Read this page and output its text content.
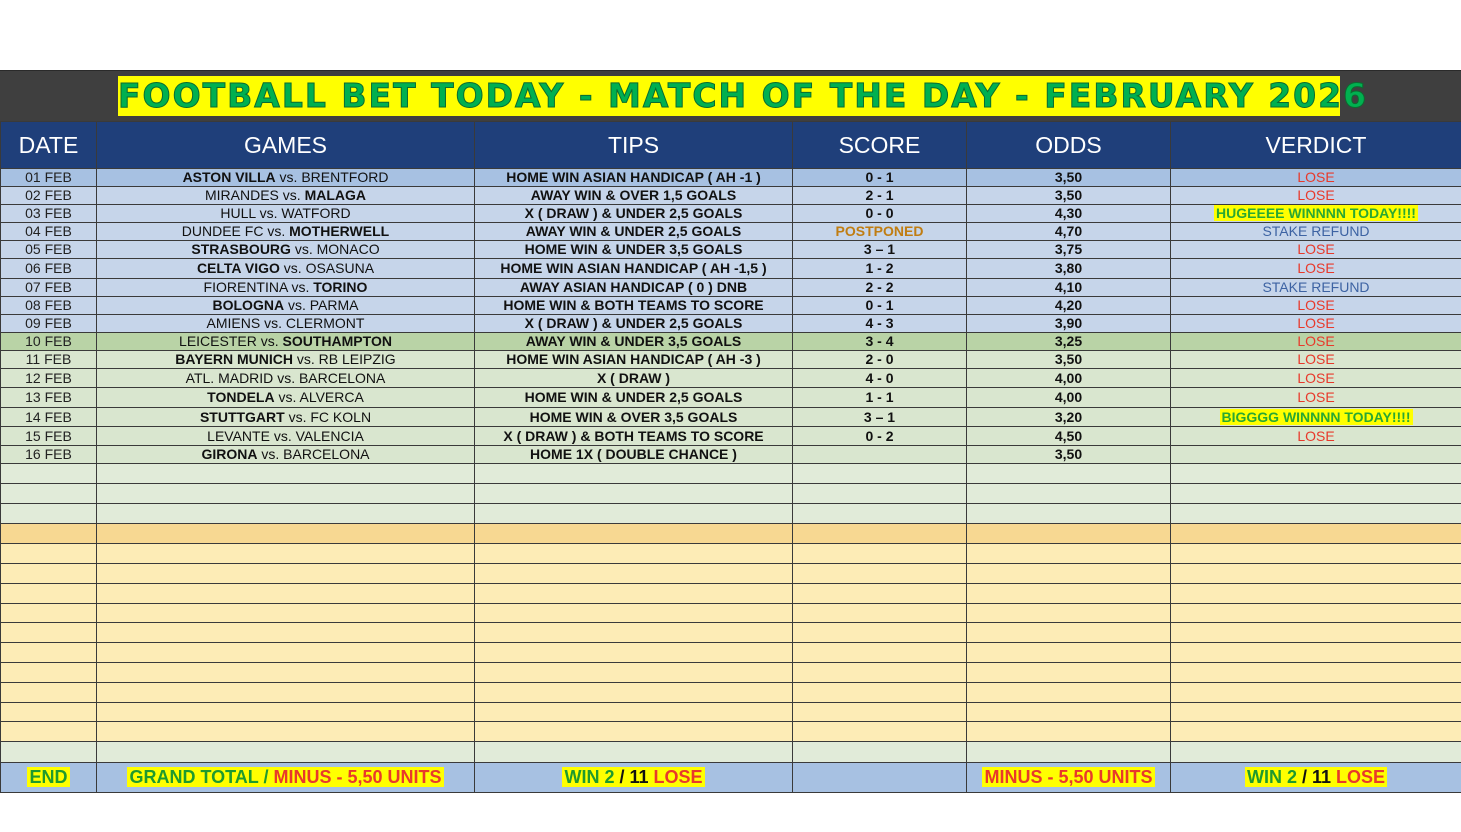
FOOTBALL BET TODAY - MATCH OF THE DAY - FEBRUARY 2026
DATE	GAMES	TIPS	SCORE	ODDS	VERDICT
01 FEB	ASTON VILLA vs. BRENTFORD	HOME WIN ASIAN HANDICAP ( AH -1 )	0 - 1	3,50	LOSE
02 FEB	MIRANDES vs. MALAGA	AWAY WIN & OVER 1,5 GOALS	2 - 1	3,50	LOSE
03 FEB	HULL vs. WATFORD	X ( DRAW ) & UNDER 2,5 GOALS	0 - 0	4,30	HUGEEEE WINNNN TODAY!!!!
04 FEB	DUNDEE FC vs. MOTHERWELL	AWAY WIN & UNDER 2,5 GOALS	POSTPONED	4,70	STAKE REFUND
05 FEB	STRASBOURG vs. MONACO	HOME WIN & UNDER 3,5 GOALS	3 – 1	3,75	LOSE
06 FEB	CELTA VIGO vs. OSASUNA	HOME WIN ASIAN HANDICAP ( AH -1,5 )	1 - 2	3,80	LOSE
07 FEB	FIORENTINA vs. TORINO	AWAY ASIAN HANDICAP ( 0 ) DNB	2 - 2	4,10	STAKE REFUND
08 FEB	BOLOGNA vs. PARMA	HOME WIN & BOTH TEAMS TO SCORE	0 - 1	4,20	LOSE
09 FEB	AMIENS vs. CLERMONT	X ( DRAW ) & UNDER 2,5 GOALS	4 - 3	3,90	LOSE
10 FEB	LEICESTER vs. SOUTHAMPTON	AWAY WIN & UNDER 3,5 GOALS	3 - 4	3,25	LOSE
11 FEB	BAYERN MUNICH vs. RB LEIPZIG	HOME WIN ASIAN HANDICAP ( AH -3 )	2 - 0	3,50	LOSE
12 FEB	ATL. MADRID vs. BARCELONA	X ( DRAW )	4 - 0	4,00	LOSE
13 FEB	TONDELA vs. ALVERCA	HOME WIN & UNDER 2,5 GOALS	1 - 1	4,00	LOSE
14 FEB	STUTTGART vs. FC KOLN	HOME WIN & OVER 3,5 GOALS	3 – 1	3,20	BIGGGG WINNNN TODAY!!!!
15 FEB	LEVANTE vs. VALENCIA	X ( DRAW ) & BOTH TEAMS TO SCORE	0 - 2	4,50	LOSE
16 FEB	GIRONA vs. BARCELONA	HOME 1X ( DOUBLE CHANCE )		3,50	

END	GRAND TOTAL / MINUS - 5,50 UNITS	WIN 2 / 11 LOSE		MINUS - 5,50 UNITS	WIN 2 / 11 LOSE
